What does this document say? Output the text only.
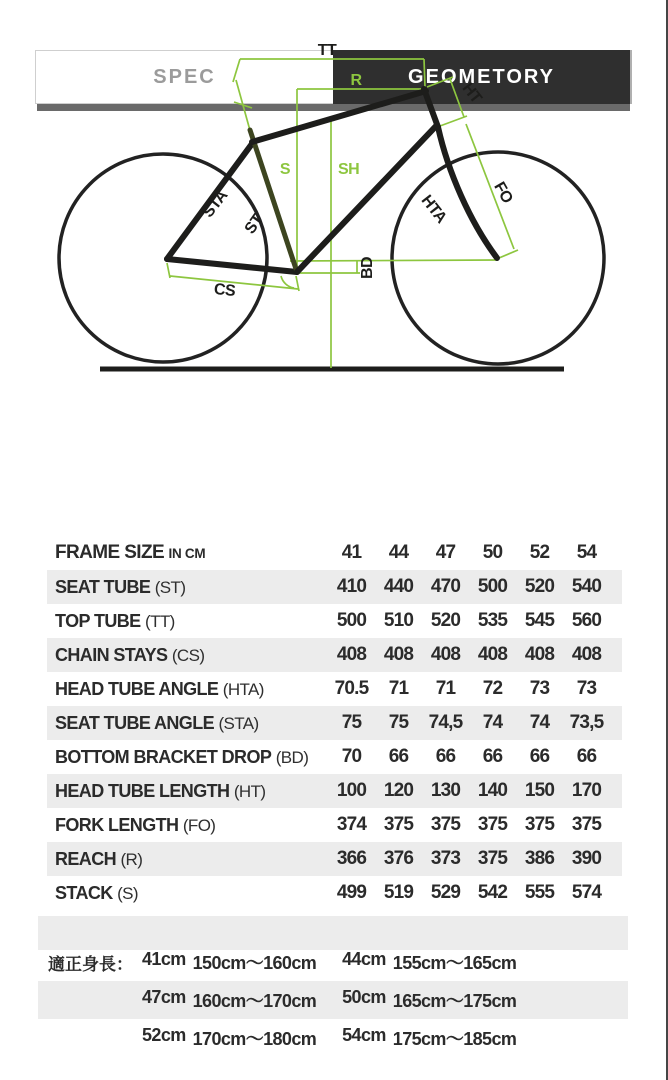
SPEC	GEOMETORY
TT
R	HT
S	SH
STA
ST	HTA	FO
BD
CS
FRAME SIZE IN CM	41	44	47	50	52	54
SEAT TUBE (ST)	410 440 470 500 520 540
TOP TUBE (TT)	500 510 520 535 545 560
CHAIN STAYS (CS)	408 408 408 408 408 408
HEAD TUBE ANGLE (HTA)	70.5	71	71	72	73	73
SEAT TUBE ANGLE (STA)	75	75	74,5	74	74	73,5
BOTTOM BRACKET DROP (BD)	70	66	66	66	66	66
HEAD TUBE LENGTH (HT)	100 120 130 140 150 170
FORK LENGTH (FO)	374 375 375 375 375 375
REACH (R)	366 376 373 375 386 390
STACK (S)	499 519 529 542 555 574
適正身長： 41cm 150cm〜160cm 44cm 155cm〜165cm
47cm 160cm〜170cm 50cm 165cm〜175cm
52cm 170cm〜180cm 54cm 175cm〜185cm
